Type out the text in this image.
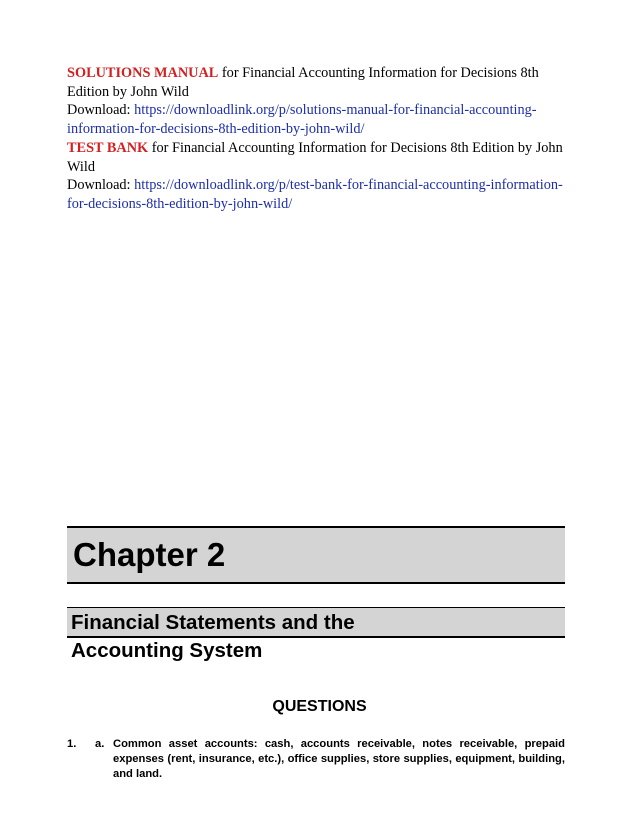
SOLUTIONS MANUAL for Financial Accounting Information for Decisions 8th Edition by John Wild
Download: https://downloadlink.org/p/solutions-manual-for-financial-accounting-information-for-decisions-8th-edition-by-john-wild/

TEST BANK for Financial Accounting Information for Decisions 8th Edition by John Wild
Download: https://downloadlink.org/p/test-bank-for-financial-accounting-information-for-decisions-8th-edition-by-john-wild/

Chapter 2
Financial Statements and the
Accounting System
QUESTIONS
1. a. Common asset accounts: cash, accounts receivable, notes receivable, prepaid expenses (rent, insurance, etc.), office supplies, store supplies, equipment, building, and land.
